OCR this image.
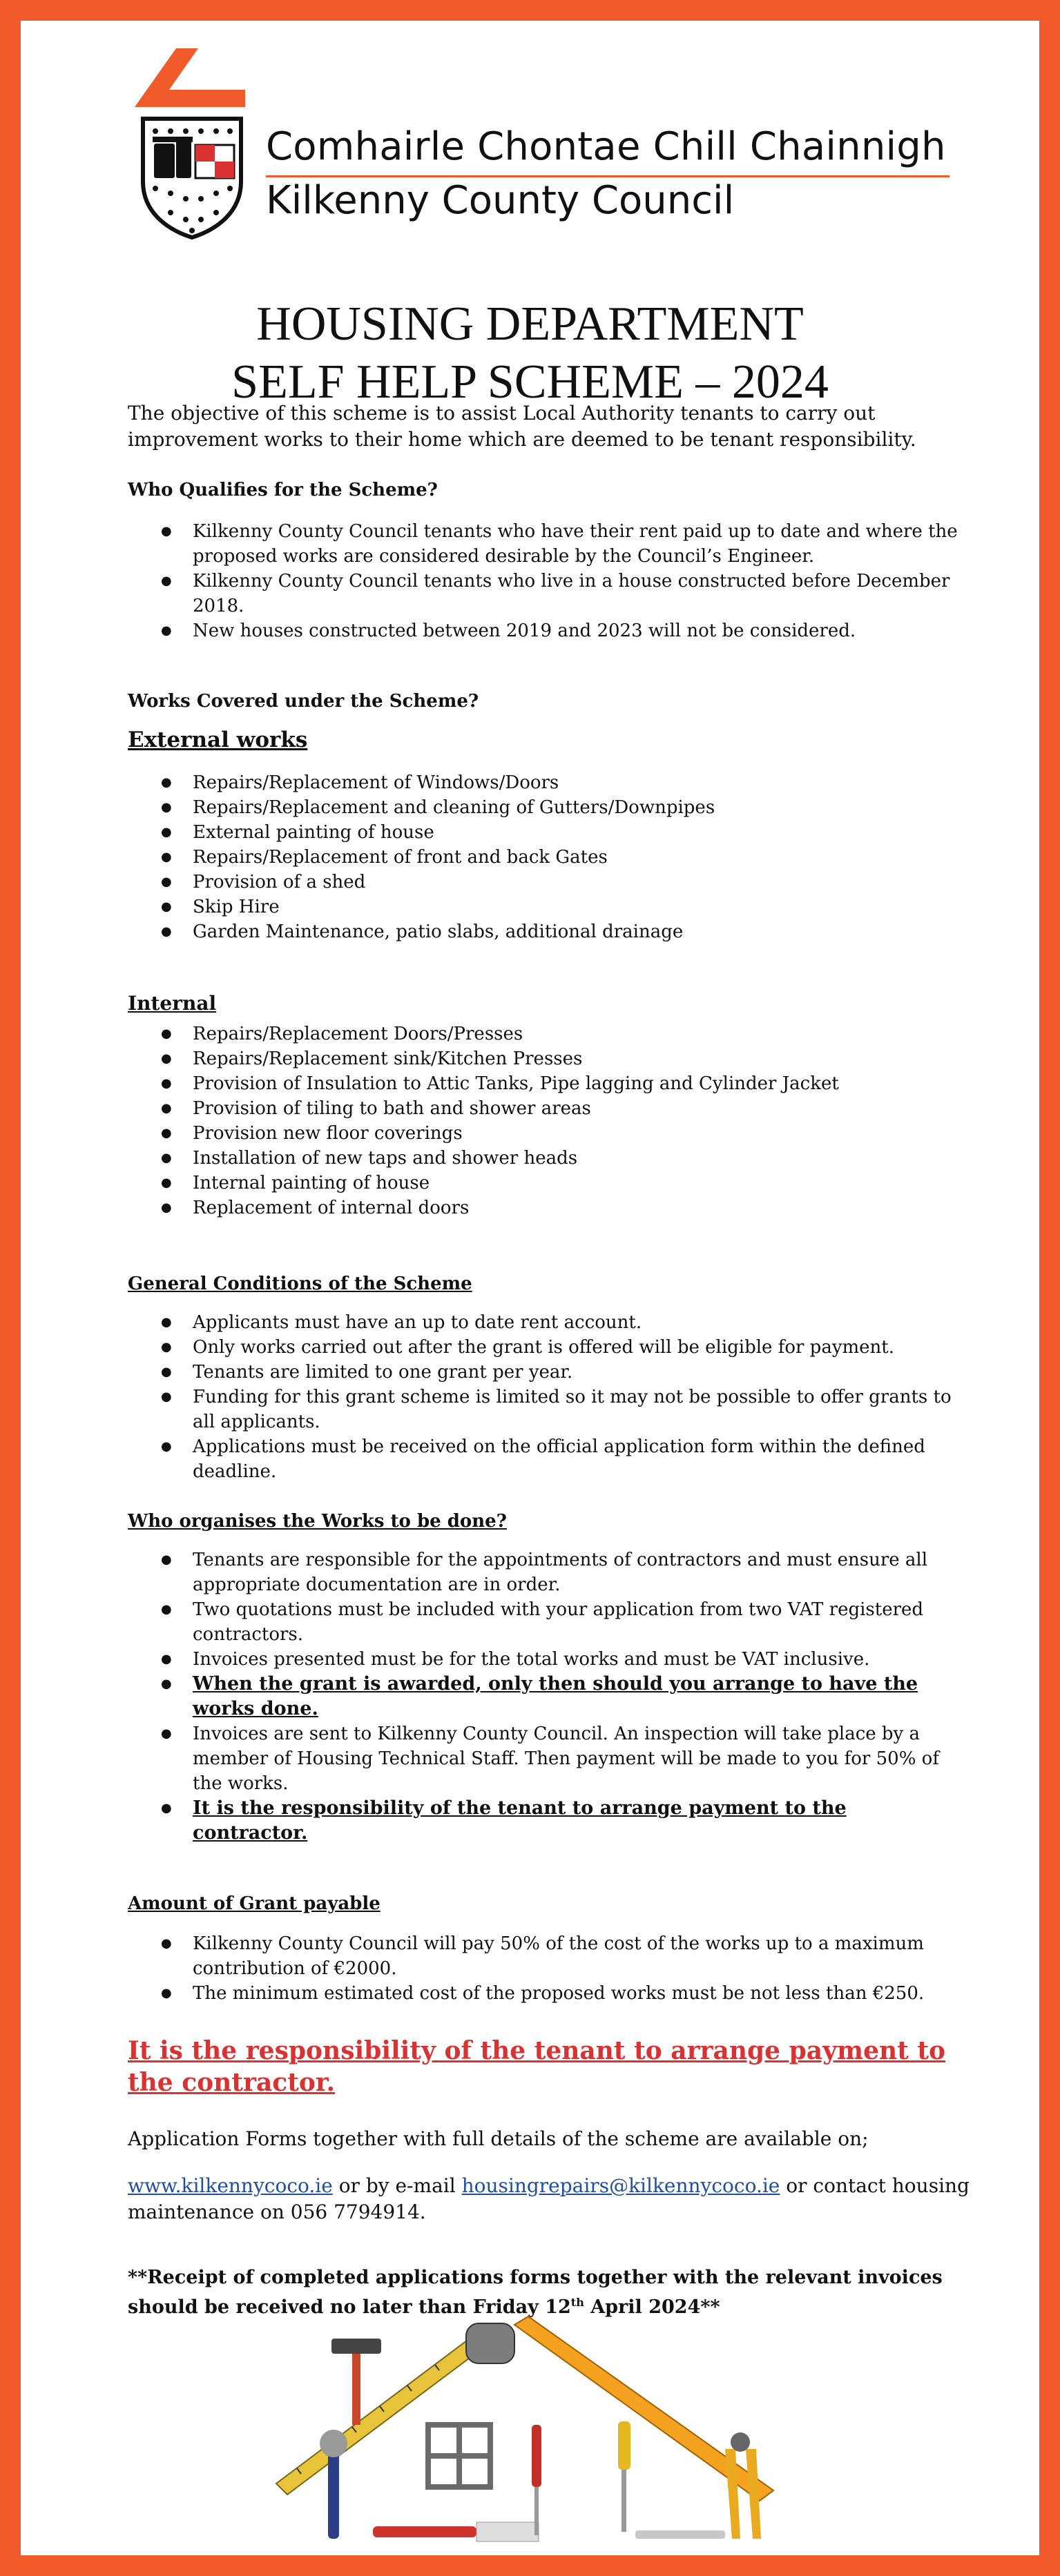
Comhairle Chontae Chill Chainnigh
Kilkenny County Council
HOUSING DEPARTMENT
SELF HELP SCHEME – 2024
The objective of this scheme is to assist Local Authority tenants to carry out improvement works to their home which are deemed to be tenant responsibility.
Who Qualifies for the Scheme?
● Kilkenny County Council tenants who have their rent paid up to date and where the proposed works are considered desirable by the Council’s Engineer.
● Kilkenny County Council tenants who live in a house constructed before December 2018.
● New houses constructed between 2019 and 2023 will not be considered.
Works Covered under the Scheme?
External works
● Repairs/Replacement of Windows/Doors
● Repairs/Replacement and cleaning of Gutters/Downpipes
● External painting of house
● Repairs/Replacement of front and back Gates
● Provision of a shed
● Skip Hire
● Garden Maintenance, patio slabs, additional drainage
Internal
● Repairs/Replacement Doors/Presses
● Repairs/Replacement sink/Kitchen Presses
● Provision of Insulation to Attic Tanks, Pipe lagging and Cylinder Jacket
● Provision of tiling to bath and shower areas
● Provision new floor coverings
● Installation of new taps and shower heads
● Internal painting of house
● Replacement of internal doors
General Conditions of the Scheme
● Applicants must have an up to date rent account.
● Only works carried out after the grant is offered will be eligible for payment.
● Tenants are limited to one grant per year.
● Funding for this grant scheme is limited so it may not be possible to offer grants to all applicants.
● Applications must be received on the official application form within the defined deadline.
Who organises the Works to be done?
● Tenants are responsible for the appointments of contractors and must ensure all appropriate documentation are in order.
● Two quotations must be included with your application from two VAT registered contractors.
● Invoices presented must be for the total works and must be VAT inclusive.
● When the grant is awarded, only then should you arrange to have the works done.
● Invoices are sent to Kilkenny County Council. An inspection will take place by a member of Housing Technical Staff. Then payment will be made to you for 50% of the works.
● It is the responsibility of the tenant to arrange payment to the contractor.
Amount of Grant payable
● Kilkenny County Council will pay 50% of the cost of the works up to a maximum contribution of €2000.
● The minimum estimated cost of the proposed works must be not less than €250.
It is the responsibility of the tenant to arrange payment to the contractor.
Application Forms together with full details of the scheme are available on;
www.kilkennycoco.ie or by e-mail housingrepairs@kilkennycoco.ie or contact housing maintenance on 056 7794914.
**Receipt of completed applications forms together with the relevant invoices should be received no later than Friday 12th April 2024**
